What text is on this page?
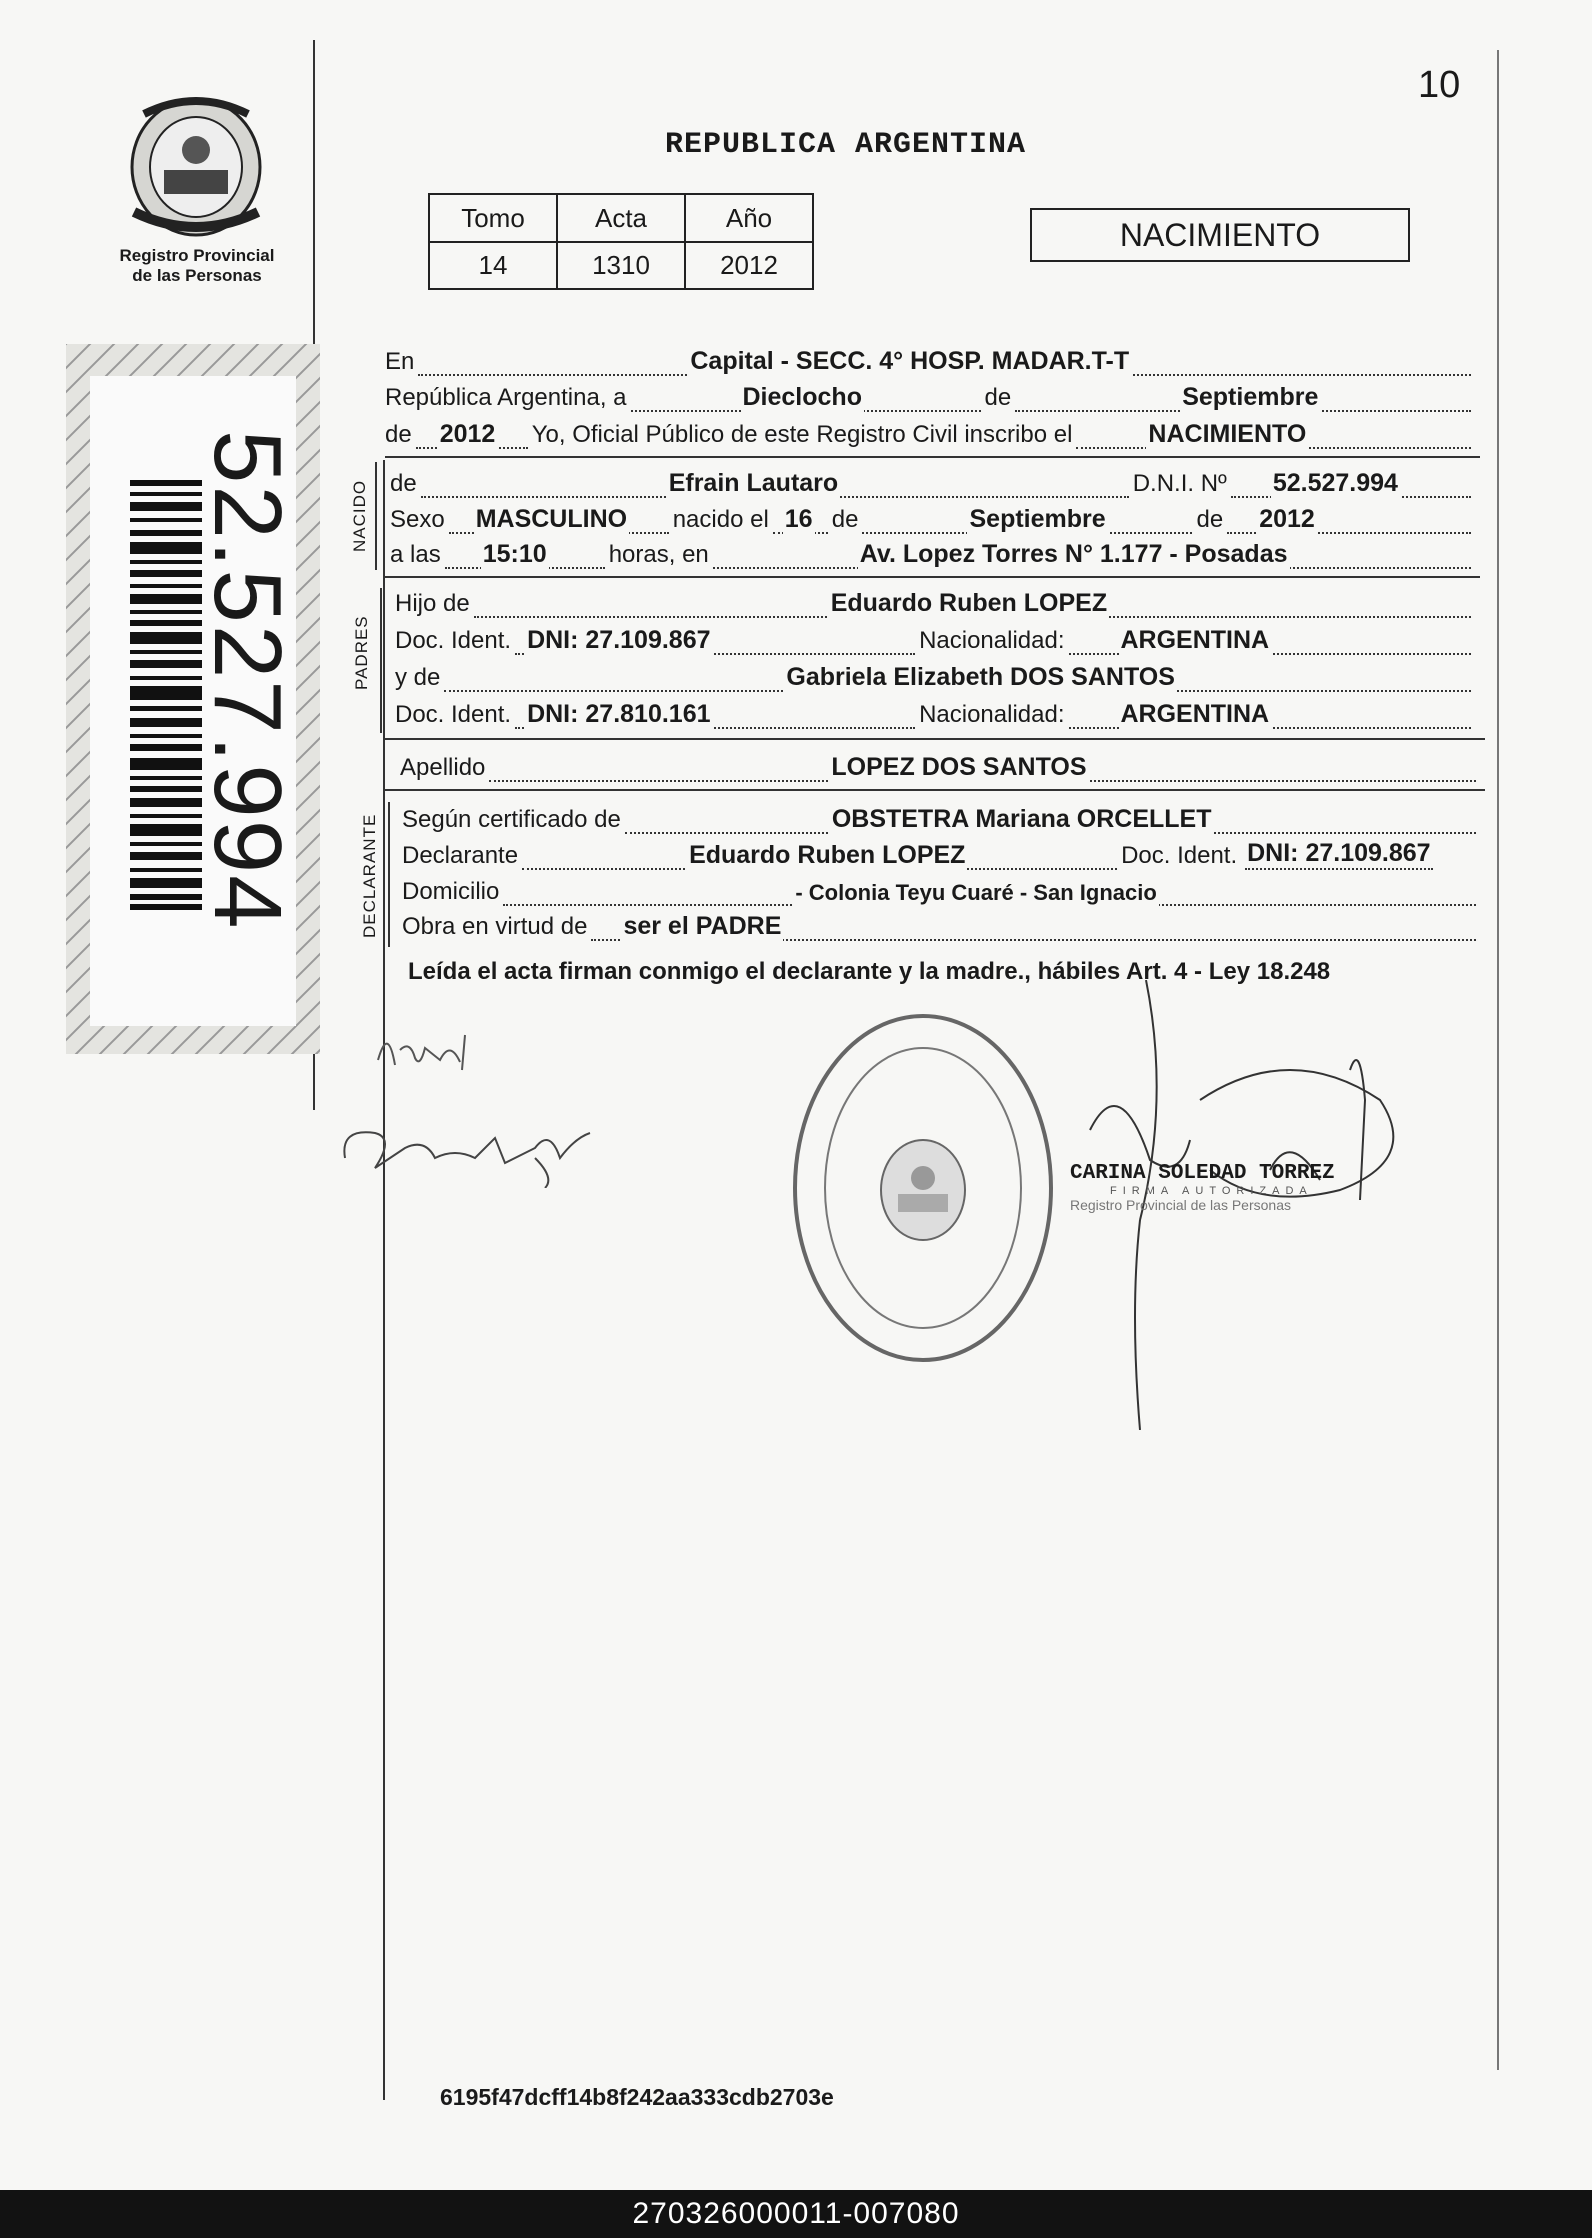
10
Registro Provincial
de las Personas
52.527.994
REPUBLICA ARGENTINA
Tomo	Acta	Año
14	1310	2012
NACIMIENTO
En	Capital - SECC. 4° HOSP. MADAR.T-T
República Argentina, a	Dieclocho	de	Septiembre
de 2012 Yo, Oficial Público de este Registro Civil inscribo el	NACIMIENTO
NACIDO de	Efrain Lautaro	D.N.I. Nº 52.527.994
Sexo MASCULINO nacido el 16 de	Septiembre	de 2012
a las 15:10	horas, en	Av. Lopez Torres N° 1.177 - Posadas
PADRES
Hijo de	Eduardo Ruben LOPEZ
Doc. Ident. DNI: 27.109.867	Nacionalidad: ARGENTINA
y de	Gabriela Elizabeth DOS SANTOS
Doc. Ident. DNI: 27.810.161	Nacionalidad: ARGENTINA
Apellido	LOPEZ DOS SANTOS
DECLARANTE Según certificado de	OBSTETRA Mariana ORCELLET
Declarante	Eduardo Ruben LOPEZ	Doc. Ident. DNI: 27.109.867
Domicilio	- Colonia Teyu Cuaré - San Ignacio
Obra en virtud de ser el PADRE
Leída el acta firman conmigo el declarante y la madre., hábiles Art. 4 - Ley 18.248
CARINA SOLEDAD TORREZ
FIRMA AUTORIZADA
Registro Provincial de las Personas
6195f47dcff14b8f242aa333cdb2703e
270326000011-007080
